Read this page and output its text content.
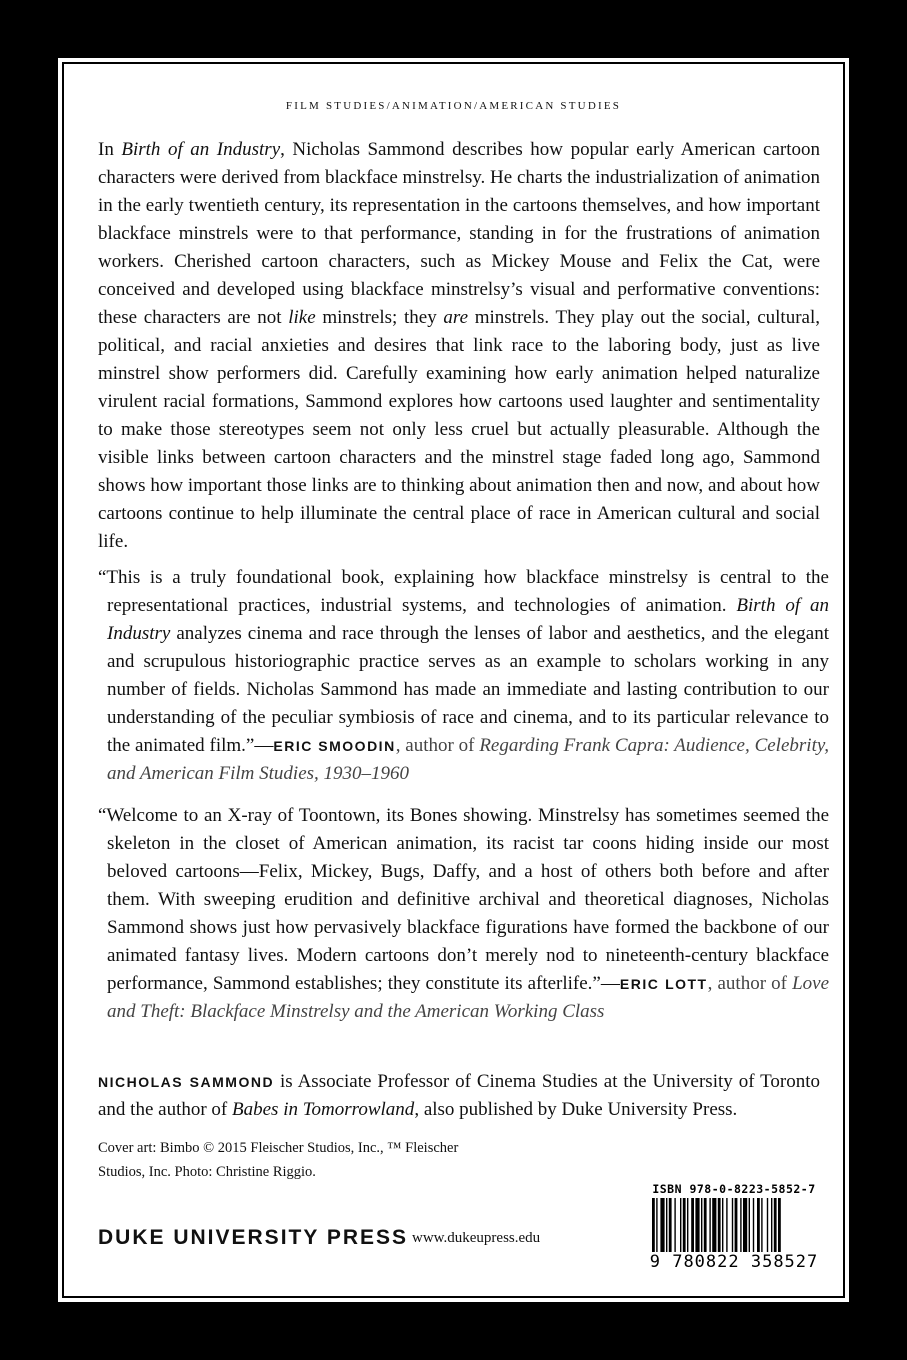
FILM STUDIES/ANIMATION/AMERICAN STUDIES

In Birth of an Industry, Nicholas Sammond describes how popular early American cartoon characters were derived from blackface minstrelsy. He charts the industrialization of animation in the early twentieth century, its representation in the cartoons themselves, and how important blackface minstrels were to that performance, standing in for the frustrations of animation workers. Cherished cartoon characters, such as Mickey Mouse and Felix the Cat, were conceived and developed using blackface minstrelsy’s visual and performative conventions: these characters are not like minstrels; they are minstrels. They play out the social, cultural, political, and racial anxieties and desires that link race to the laboring body, just as live minstrel show performers did. Carefully examining how early animation helped naturalize virulent racial formations, Sammond explores how cartoons used laughter and sentimentality to make those stereotypes seem not only less cruel but actually pleasurable. Although the visible links between cartoon characters and the minstrel stage faded long ago, Sammond shows how important those links are to thinking about animation then and now, and about how cartoons continue to help illuminate the central place of race in American cultural and social life.

“This is a truly foundational book, explaining how blackface minstrelsy is central to the representational practices, industrial systems, and technologies of animation. Birth of an Industry analyzes cinema and race through the lenses of labor and aesthetics, and the elegant and scrupulous historiographic practice serves as an example to scholars working in any number of fields. Nicholas Sammond has made an immediate and lasting contribution to our understanding of the peculiar symbiosis of race and cinema, and to its particular relevance to the animated film.”—ERIC SMOODIN, author of Regarding Frank Capra: Audience, Celebrity, and American Film Studies, 1930–1960

“Welcome to an X-ray of Toontown, its Bones showing. Minstrelsy has sometimes seemed the skeleton in the closet of American animation, its racist tar coons hiding inside our most beloved cartoons—Felix, Mickey, Bugs, Daffy, and a host of others both before and after them. With sweeping erudition and definitive archival and theoretical diagnoses, Nicholas Sammond shows just how pervasively blackface figurations have formed the backbone of our animated fantasy lives. Modern cartoons don’t merely nod to nineteenth-century blackface performance, Sammond establishes; they constitute its afterlife.”—ERIC LOTT, author of Love and Theft: Blackface Minstrelsy and the American Working Class

NICHOLAS SAMMOND is Associate Professor of Cinema Studies at the University of Toronto and the author of Babes in Tomorrowland, also published by Duke University Press.

Cover art: Bimbo © 2015 Fleischer Studios, Inc., ™ Fleischer
Studios, Inc. Photo: Christine Riggio.
DUKE UNIVERSITY PRESS www.dukeupress.edu
ISBN 978-0-8223-5852-7
9 780822 358527
